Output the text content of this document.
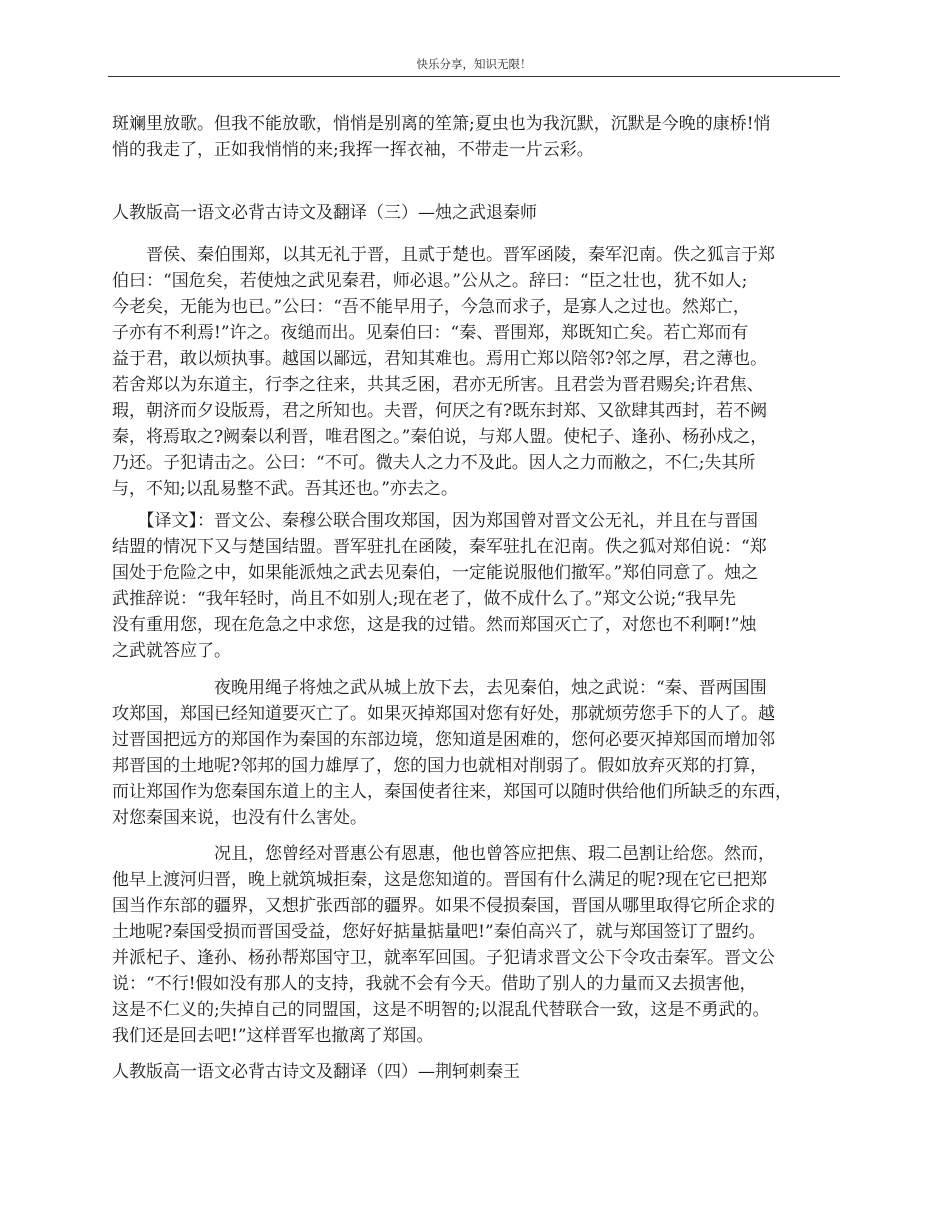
快乐分享，知识无限！
斑斓里放歌。但我不能放歌，悄悄是别离的笙箫;夏虫也为我沉默，沉默是今晚的康桥!悄
悄的我走了，正如我悄悄的来;我挥一挥衣袖，不带走一片云彩。
人教版高一语文必背古诗文及翻译（三）—烛之武退秦师
　　晋侯、秦伯围郑，以其无礼于晋，且贰于楚也。晋军函陵，秦军氾南。佚之狐言于郑
伯曰：“国危矣，若使烛之武见秦君，师必退。”公从之。辞曰：“臣之壮也，犹不如人;
今老矣，无能为也已。”公曰：“吾不能早用子，今急而求子，是寡人之过也。然郑亡，
子亦有不利焉!”许之。夜缒而出。见秦伯曰：“秦、晋围郑，郑既知亡矣。若亡郑而有
益于君，敢以烦执事。越国以鄙远，君知其难也。焉用亡郑以陪邻?邻之厚，君之薄也。
若舍郑以为东道主，行李之往来，共其乏困，君亦无所害。且君尝为晋君赐矣;许君焦、
瑕，朝济而夕设版焉，君之所知也。夫晋，何厌之有?既东封郑、又欲肆其西封，若不阙
秦，将焉取之?阙秦以利晋，唯君图之。”秦伯说，与郑人盟。使杞子、逢孙、杨孙戍之，
乃还。子犯请击之。公曰：“不可。微夫人之力不及此。因人之力而敝之，不仁;失其所
与，不知;以乱易整不武。吾其还也。”亦去之。
　　【译文】：晋文公、秦穆公联合围攻郑国，因为郑国曾对晋文公无礼，并且在与晋国
结盟的情况下又与楚国结盟。晋军驻扎在函陵，秦军驻扎在氾南。佚之狐对郑伯说：“郑
国处于危险之中，如果能派烛之武去见秦伯，一定能说服他们撤军。”郑伯同意了。烛之
武推辞说：“我年轻时，尚且不如别人;现在老了，做不成什么了。”郑文公说;“我早先
没有重用您，现在危急之中求您，这是我的过错。然而郑国灭亡了，对您也不利啊!”烛
之武就答应了。
　　　　　　夜晚用绳子将烛之武从城上放下去，去见秦伯，烛之武说：“秦、晋两国围
攻郑国，郑国已经知道要灭亡了。如果灭掉郑国对您有好处，那就烦劳您手下的人了。越
过晋国把远方的郑国作为秦国的东部边境，您知道是困难的，您何必要灭掉郑国而增加邻
邦晋国的土地呢?邻邦的国力雄厚了，您的国力也就相对削弱了。假如放弃灭郑的打算，
而让郑国作为您秦国东道上的主人，秦国使者往来，郑国可以随时供给他们所缺乏的东西，
对您秦国来说，也没有什么害处。
　　　　　　况且，您曾经对晋惠公有恩惠，他也曾答应把焦、瑕二邑割让给您。然而，
他早上渡河归晋，晚上就筑城拒秦，这是您知道的。晋国有什么满足的呢?现在它已把郑
国当作东部的疆界，又想扩张西部的疆界。如果不侵损秦国，晋国从哪里取得它所企求的
土地呢?秦国受损而晋国受益，您好好掂量掂量吧!”秦伯高兴了，就与郑国签订了盟约。
并派杞子、逢孙、杨孙帮郑国守卫，就率军回国。子犯请求晋文公下令攻击秦军。晋文公
说：“不行!假如没有那人的支持，我就不会有今天。借助了别人的力量而又去损害他，
这是不仁义的;失掉自己的同盟国，这是不明智的;以混乱代替联合一致，这是不勇武的。
我们还是回去吧!”这样晋军也撤离了郑国。
人教版高一语文必背古诗文及翻译（四）—荆轲刺秦王
